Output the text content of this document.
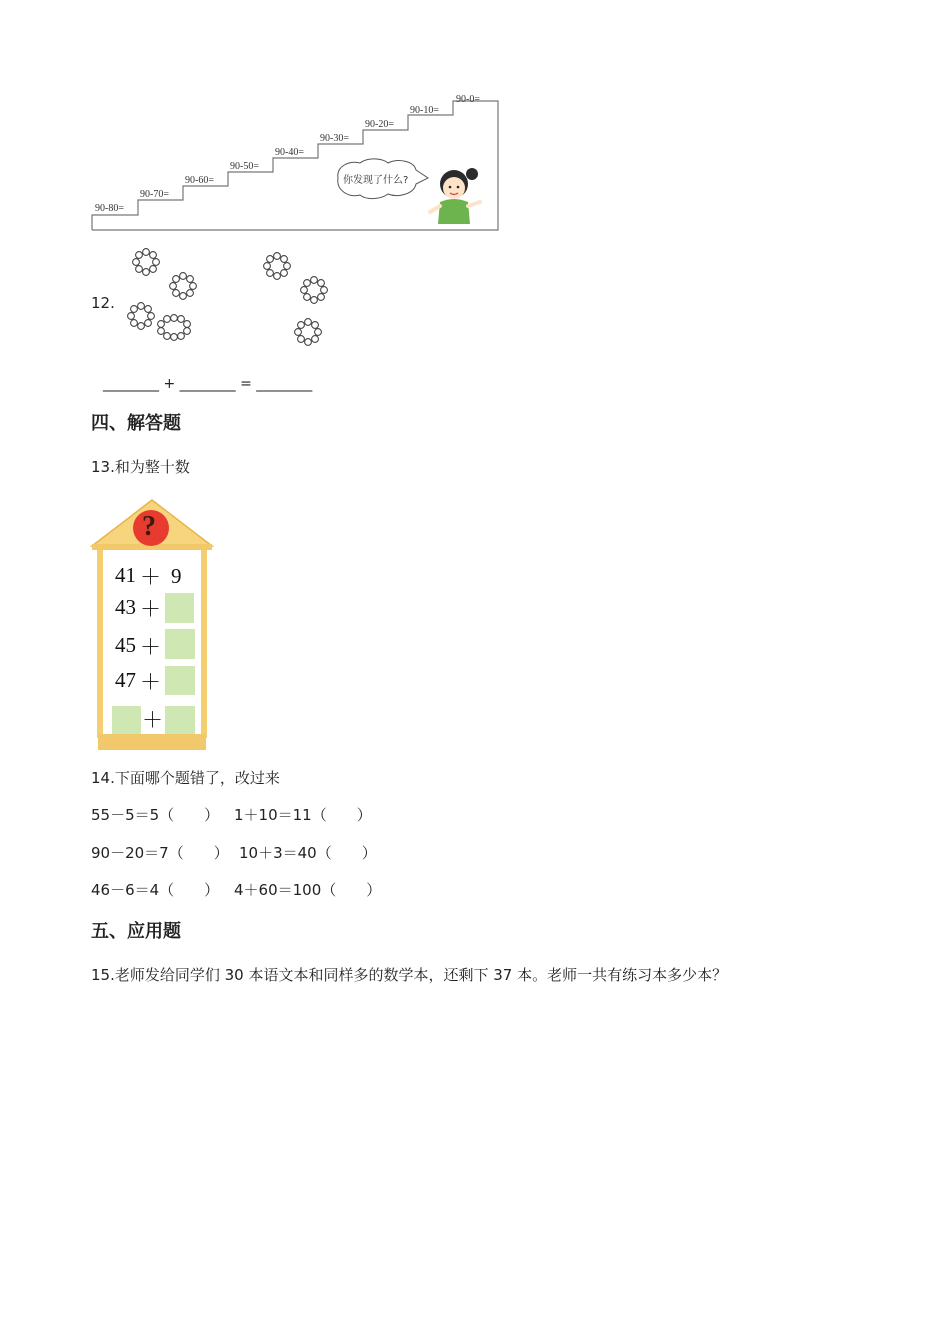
90-80=
90-70=
90-60=
90-50=
90-40=
90-30=
90-20=
90-10=
90-0=
你发现了什么?
12.
________ + ________ = ________
四、解答题
13.和为整十数
?
41 ＋ 9
43 ＋
45 ＋
47 ＋
＋
14.下面哪个题错了，改过来
55－5＝5（　　） 1＋10＝11（　　）
90－20＝7（　　） 10＋3＝40（　　）
46－6＝4（　　） 4＋60＝100（　　）
五、应用题
15.老师发给同学们 30 本语文本和同样多的数学本，还剩下 37 本。老师一共有练习本多少本？
